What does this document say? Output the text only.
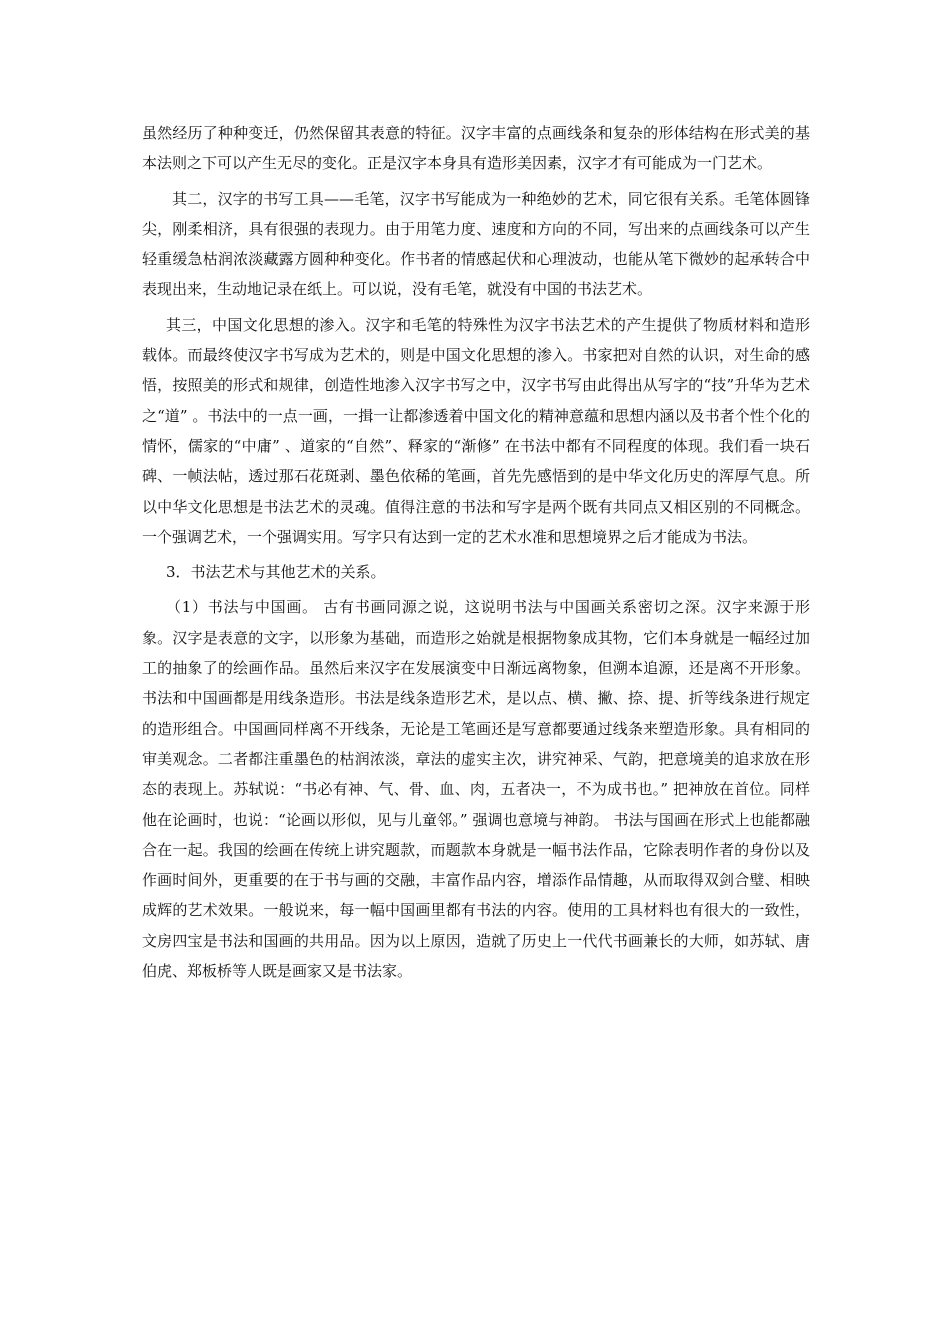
虽然经历了种种变迁，仍然保留其表意的特征。汉字丰富的点画线条和复杂的形体结构在形式美的基本法则之下可以产生无尽的变化。正是汉字本身具有造形美因素，汉字才有可能成为一门艺术。

其二，汉字的书写工具——毛笔，汉字书写能成为一种绝妙的艺术，同它很有关系。毛笔体圆锋尖，刚柔相济，具有很强的表现力。由于用笔力度、速度和方向的不同，写出来的点画线条可以产生轻重缓急枯润浓淡藏露方圆种种变化。作书者的情感起伏和心理波动，也能从笔下微妙的起承转合中表现出来，生动地记录在纸上。可以说，没有毛笔，就没有中国的书法艺术。

其三，中国文化思想的渗入。汉字和毛笔的特殊性为汉字书法艺术的产生提供了物质材料和造形载体。而最终使汉字书写成为艺术的，则是中国文化思想的渗入。书家把对自然的认识，对生命的感悟，按照美的形式和规律，创造性地渗入汉字书写之中，汉字书写由此得出从写字的“技”升华为艺术之“道” 。书法中的一点一画，一揖一让都渗透着中国文化的精神意蕴和思想内涵以及书者个性个化的情怀，儒家的“中庸” 、道家的“自然”、释家的“渐修” 在书法中都有不同程度的体现。我们看一块石碑、一帧法帖，透过那石花斑剥、墨色依稀的笔画，首先先感悟到的是中华文化历史的浑厚气息。所以中华文化思想是书法艺术的灵魂。值得注意的书法和写字是两个既有共同点又相区别的不同概念。一个强调艺术，一个强调实用。写字只有达到一定的艺术水准和思想境界之后才能成为书法。

3．书法艺术与其他艺术的关系。

（1）书法与中国画。 古有书画同源之说，这说明书法与中国画关系密切之深。汉字来源于形象。汉字是表意的文字，以形象为基础，而造形之始就是根据物象成其物，它们本身就是一幅经过加工的抽象了的绘画作品。虽然后来汉字在发展演变中日渐远离物象，但溯本追源，还是离不开形象。书法和中国画都是用线条造形。书法是线条造形艺术，是以点、横、撇、捺、提、折等线条进行规定的造形组合。中国画同样离不开线条，无论是工笔画还是写意都要通过线条来塑造形象。具有相同的审美观念。二者都注重墨色的枯润浓淡，章法的虚实主次，讲究神采、气韵，把意境美的追求放在形态的表现上。苏轼说：“书必有神、气、骨、血、肉，五者决一，不为成书也。” 把神放在首位。同样他在论画时，也说：“论画以形似，见与儿童邻。” 强调也意境与神韵。 书法与国画在形式上也能都融合在一起。我国的绘画在传统上讲究题款，而题款本身就是一幅书法作品，它除表明作者的身份以及作画时间外，更重要的在于书与画的交融，丰富作品内容，增添作品情趣，从而取得双剑合璧、相映成辉的艺术效果。一般说来，每一幅中国画里都有书法的内容。使用的工具材料也有很大的一致性，文房四宝是书法和国画的共用品。因为以上原因，造就了历史上一代代书画兼长的大师，如苏轼、唐伯虎、郑板桥等人既是画家又是书法家。
